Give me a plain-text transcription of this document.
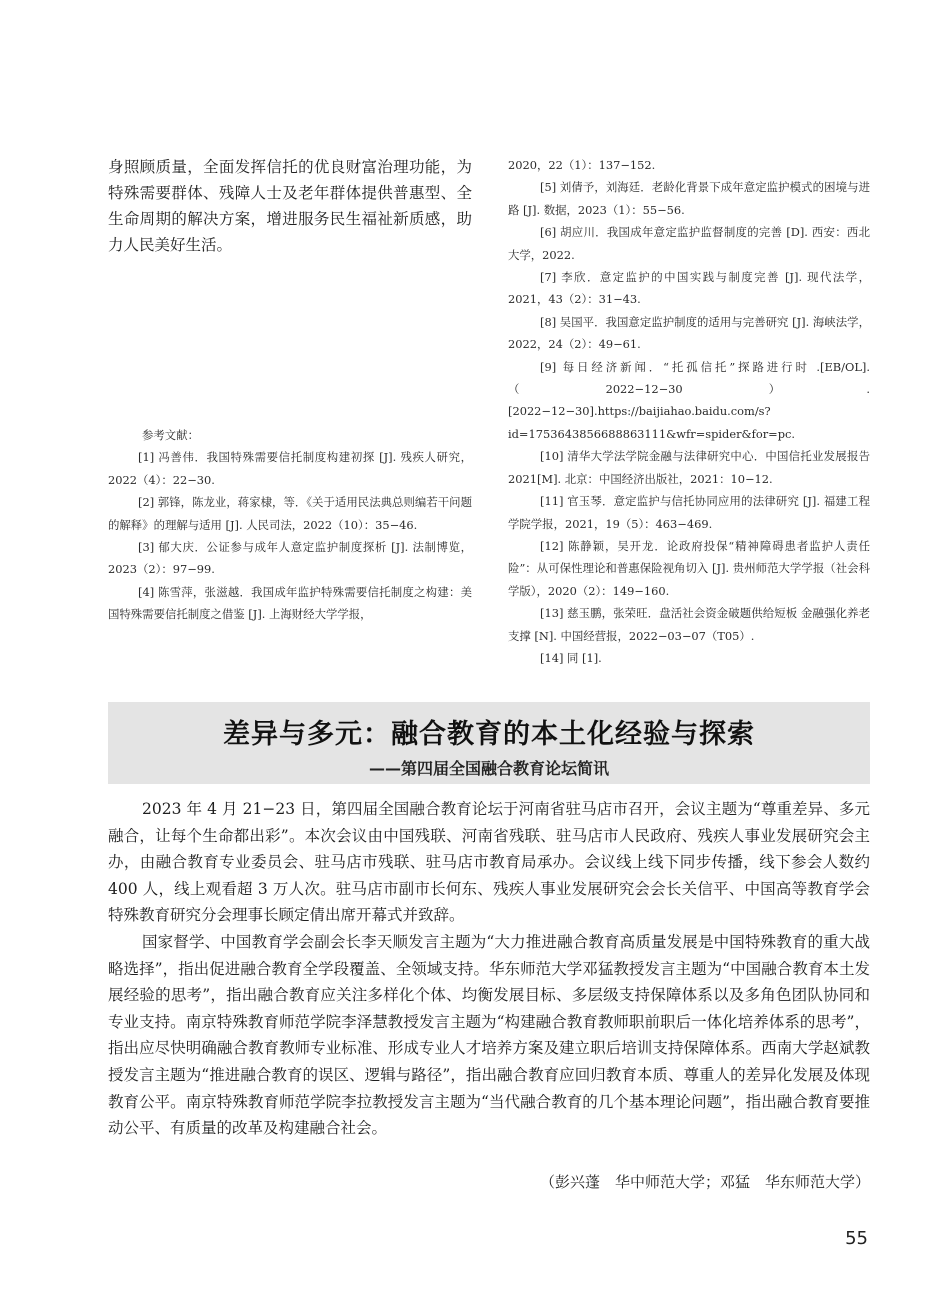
身照顾质量，全面发挥信托的优良财富治理功能，为特殊需要群体、残障人士及老年群体提供普惠型、全生命周期的解决方案，增进服务民生福祉新质感，助力人民美好生活。

参考文献：

[1] 冯善伟．我国特殊需要信托制度构建初探 [J]. 残疾人研究，2022（4）：22−30.

[2] 郭锋，陈龙业，蒋家棣，等．《关于适用民法典总则编若干问题的解释》的理解与适用 [J]. 人民司法，2022（10）：35−46.

[3] 郁大庆．公证参与成年人意定监护制度探析 [J]. 法制博览，2023（2）：97−99.

[4] 陈雪萍，张滋越．我国成年监护特殊需要信托制度之构建：美国特殊需要信托制度之借鉴 [J]. 上海财经大学学报，

2020，22（1）：137−152.

[5] 刘倩予，刘海廷．老龄化背景下成年意定监护模式的困境与进路 [J]. 数据，2023（1）：55−56.

[6] 胡应川．我国成年意定监护监督制度的完善 [D]. 西安：西北大学，2022.

[7] 李欣．意定监护的中国实践与制度完善 [J]. 现代法学，2021，43（2）：31−43.

[8] 吴国平．我国意定监护制度的适用与完善研究 [J]. 海峡法学，2022，24（2）：49−61.

[9] 每日经济新闻．“托孤信托”探路进行时 .[EB/OL].（2022−12−30）.[2022−12−30].https://baijiahao.baidu.com/s?id=1753643856688863111&wfr=spider&for=pc.

[10] 清华大学法学院金融与法律研究中心．中国信托业发展报告 2021[M]. 北京：中国经济出版社，2021：10−12.

[11] 官玉琴．意定监护与信托协同应用的法律研究 [J]. 福建工程学院学报，2021，19（5）：463−469.

[12] 陈静颖，吴开龙．论政府投保“精神障碍患者监护人责任险”：从可保性理论和普惠保险视角切入 [J]. 贵州师范大学学报（社会科学版），2020（2）：149−160.

[13] 慈玉鹏，张荣旺．盘活社会资金破题供给短板 金融强化养老支撑 [N]. 中国经营报，2022−03−07（T05）.

[14] 同 [1].

差异与多元：融合教育的本土化经验与探索
——第四届全国融合教育论坛简讯

2023 年 4 月 21−23 日，第四届全国融合教育论坛于河南省驻马店市召开，会议主题为“尊重差异、多元融合，让每个生命都出彩”。本次会议由中国残联、河南省残联、驻马店市人民政府、残疾人事业发展研究会主办，由融合教育专业委员会、驻马店市残联、驻马店市教育局承办。会议线上线下同步传播，线下参会人数约 400 人，线上观看超 3 万人次。驻马店市副市长何东、残疾人事业发展研究会会长关信平、中国高等教育学会特殊教育研究分会理事长顾定倩出席开幕式并致辞。

国家督学、中国教育学会副会长李天顺发言主题为“大力推进融合教育高质量发展是中国特殊教育的重大战略选择”，指出促进融合教育全学段覆盖、全领域支持。华东师范大学邓猛教授发言主题为“中国融合教育本土发展经验的思考”，指出融合教育应关注多样化个体、均衡发展目标、多层级支持保障体系以及多角色团队协同和专业支持。南京特殊教育师范学院李泽慧教授发言主题为“构建融合教育教师职前职后一体化培养体系的思考”，指出应尽快明确融合教育教师专业标准、形成专业人才培养方案及建立职后培训支持保障体系。西南大学赵斌教授发言主题为“推进融合教育的误区、逻辑与路径”，指出融合教育应回归教育本质、尊重人的差异化发展及体现教育公平。南京特殊教育师范学院李拉教授发言主题为“当代融合教育的几个基本理论问题”，指出融合教育要推动公平、有质量的改革及构建融合社会。

（彭兴蓬　华中师范大学；邓猛　华东师范大学）
55
